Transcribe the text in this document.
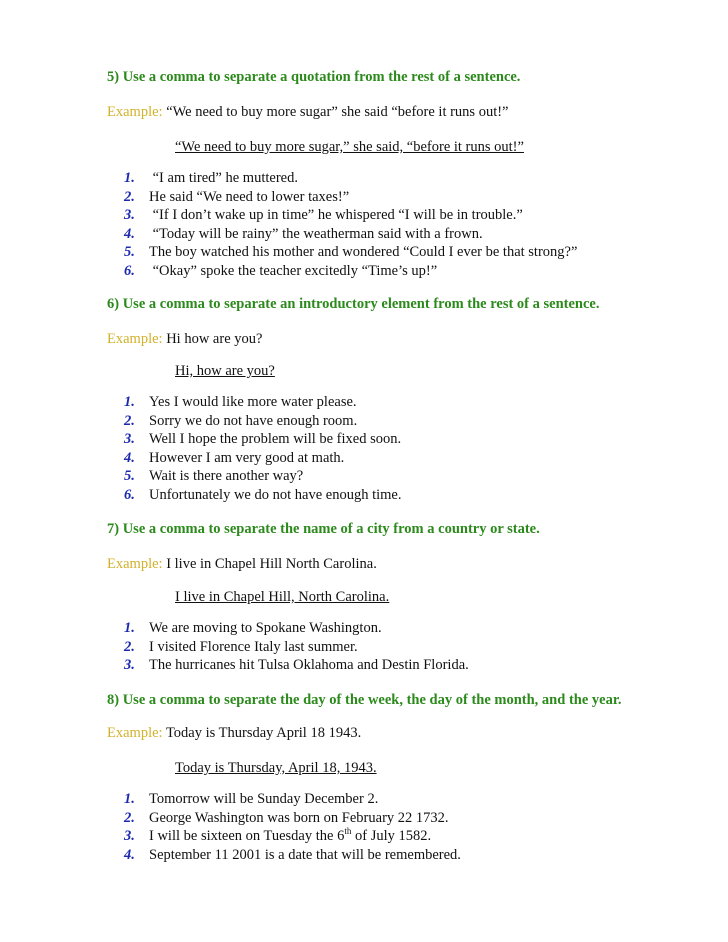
5) Use a comma to separate a quotation from the rest of a sentence.
Example: “We need to buy more sugar” she said “before it runs out!”
“We need to buy more sugar,” she said, “before it runs out!”
1. “I am tired” he muttered.
2. He said “We need to lower taxes!”
3. “If I don’t wake up in time” he whispered “I will be in trouble.”
4. “Today will be rainy” the weatherman said with a frown.
5. The boy watched his mother and wondered “Could I ever be that strong?”
6. “Okay” spoke the teacher excitedly “Time’s up!”
6) Use a comma to separate an introductory element from the rest of a sentence.
Example: Hi how are you?
Hi, how are you?
1. Yes I would like more water please.
2. Sorry we do not have enough room.
3. Well I hope the problem will be fixed soon.
4. However I am very good at math.
5. Wait is there another way?
6. Unfortunately we do not have enough time.
7) Use a comma to separate the name of a city from a country or state.
Example: I live in Chapel Hill North Carolina.
I live in Chapel Hill, North Carolina.
1. We are moving to Spokane Washington.
2. I visited Florence Italy last summer.
3. The hurricanes hit Tulsa Oklahoma and Destin Florida.
8) Use a comma to separate the day of the week, the day of the month, and the year.
Example: Today is Thursday April 18 1943.
Today is Thursday, April 18, 1943.
1. Tomorrow will be Sunday December 2.
2. George Washington was born on February 22 1732.
3. I will be sixteen on Tuesday the 6th of July 1582.
4. September 11 2001 is a date that will be remembered.
